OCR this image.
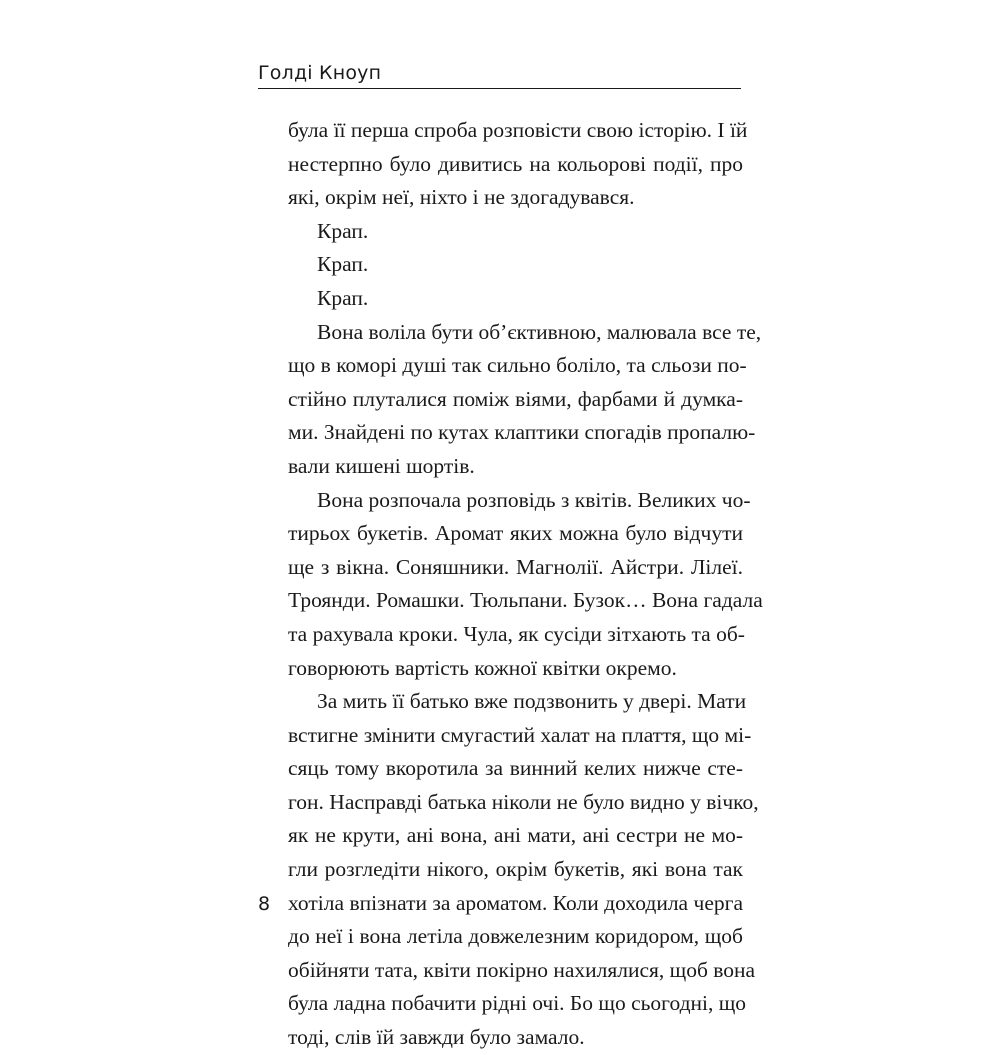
Голді Кноуп
була її перша спроба розповісти свою історію. І їй
нестерпно було дивитись на кольорові події, про
які, окрім неї, ніхто і не здогадувався.
Крап.
Крап.
Крап.
Вона воліла бути об’єктивною, малювала все те,
що в коморі душі так сильно боліло, та сльози по-
стійно плуталися поміж віями, фарбами й думка-
ми. Знайдені по кутах клаптики спогадів пропалю-
вали кишені шортів.
Вона розпочала розповідь з квітів. Великих чо-
тирьох букетів. Аромат яких можна було відчути
ще з вікна. Соняшники. Магнолії. Айстри. Лілеї.
Троянди. Ромашки. Тюльпани. Бузок… Вона гадала
та рахувала кроки. Чула, як сусіди зітхають та об-
говорюють вартість кожної квітки окремо.
За мить її батько вже подзвонить у двері. Мати
встигне змінити смугастий халат на плаття, що мі-
сяць тому вкоротила за винний келих нижче сте-
гон. Насправді батька ніколи не було видно у вічко,
як не крути, ані вона, ані мати, ані сестри не мо-
гли розгледіти нікого, окрім букетів, які вона так
хотіла впізнати за ароматом. Коли доходила черга
до неї і вона летіла довжелезним коридором, щоб
обійняти тата, квіти покірно нахилялися, щоб вона
була ладна побачити рідні очі. Бо що сьогодні, що
тоді, слів їй завжди було замало.
8
